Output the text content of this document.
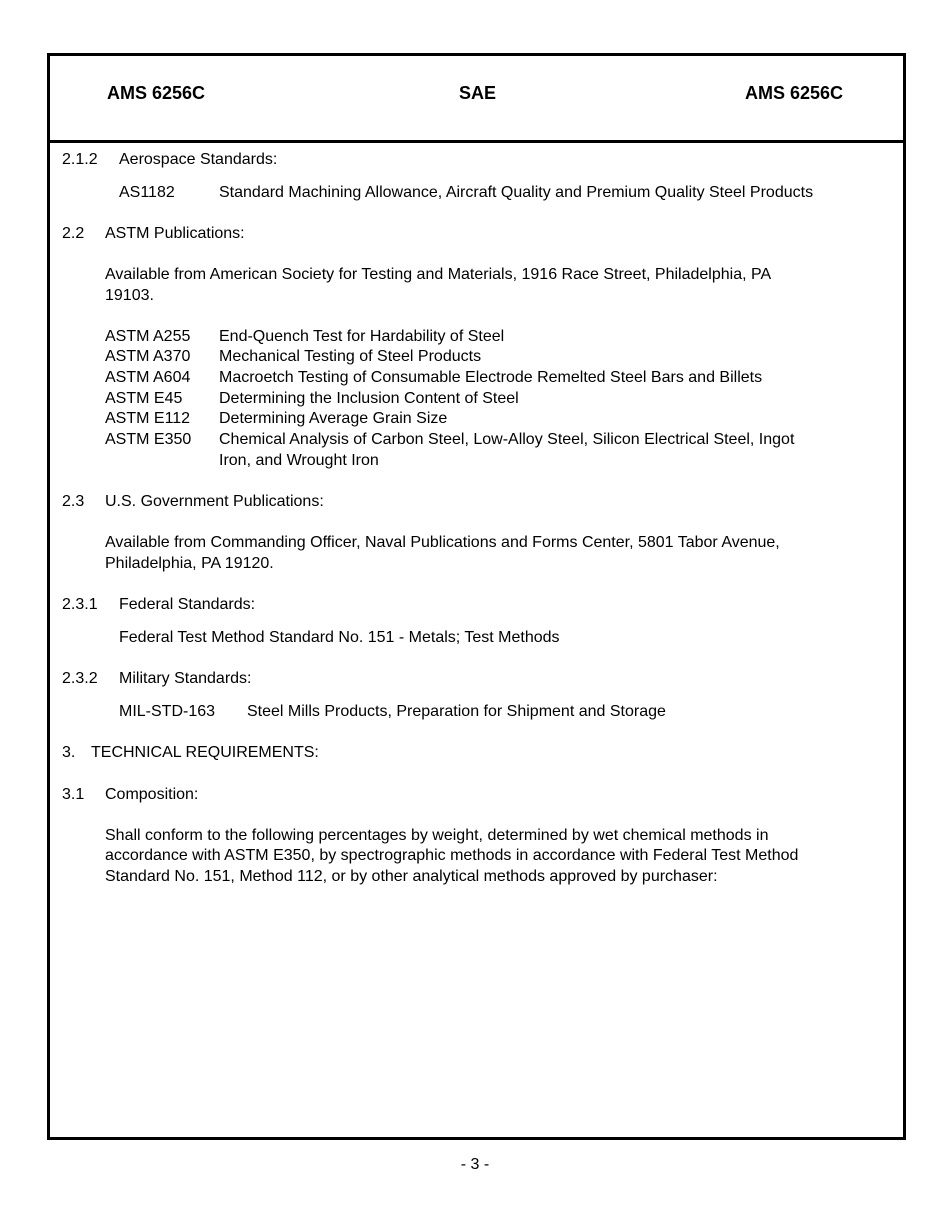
AMS 6256C	SAE	AMS 6256C
2.1.2 Aerospace Standards:
AS1182	Standard Machining Allowance, Aircraft Quality and Premium Quality Steel Products
2.2 ASTM Publications:
Available from American Society for Testing and Materials, 1916 Race Street, Philadelphia, PA
19103.
ASTM A255 End-Quench Test for Hardability of Steel
ASTM A370 Mechanical Testing of Steel Products
ASTM A604 Macroetch Testing of Consumable Electrode Remelted Steel Bars and Billets
ASTM E45 Determining the Inclusion Content of Steel
ASTM E112 Determining Average Grain Size
ASTM E350 Chemical Analysis of Carbon Steel, Low-Alloy Steel, Silicon Electrical Steel, Ingot
Iron, and Wrought Iron
2.3 U.S. Government Publications:
Available from Commanding Officer, Naval Publications and Forms Center, 5801 Tabor Avenue,
Philadelphia, PA 19120.
2.3.1 Federal Standards:
Federal Test Method Standard No. 151 - Metals; Test Methods
2.3.2 Military Standards:
MIL-STD-163 Steel Mills Products, Preparation for Shipment and Storage
3. TECHNICAL REQUIREMENTS:
3.1 Composition:
Shall conform to the following percentages by weight, determined by wet chemical methods in
accordance with ASTM E350, by spectrographic methods in accordance with Federal Test Method
Standard No. 151, Method 112, or by other analytical methods approved by purchaser:
- 3 -
